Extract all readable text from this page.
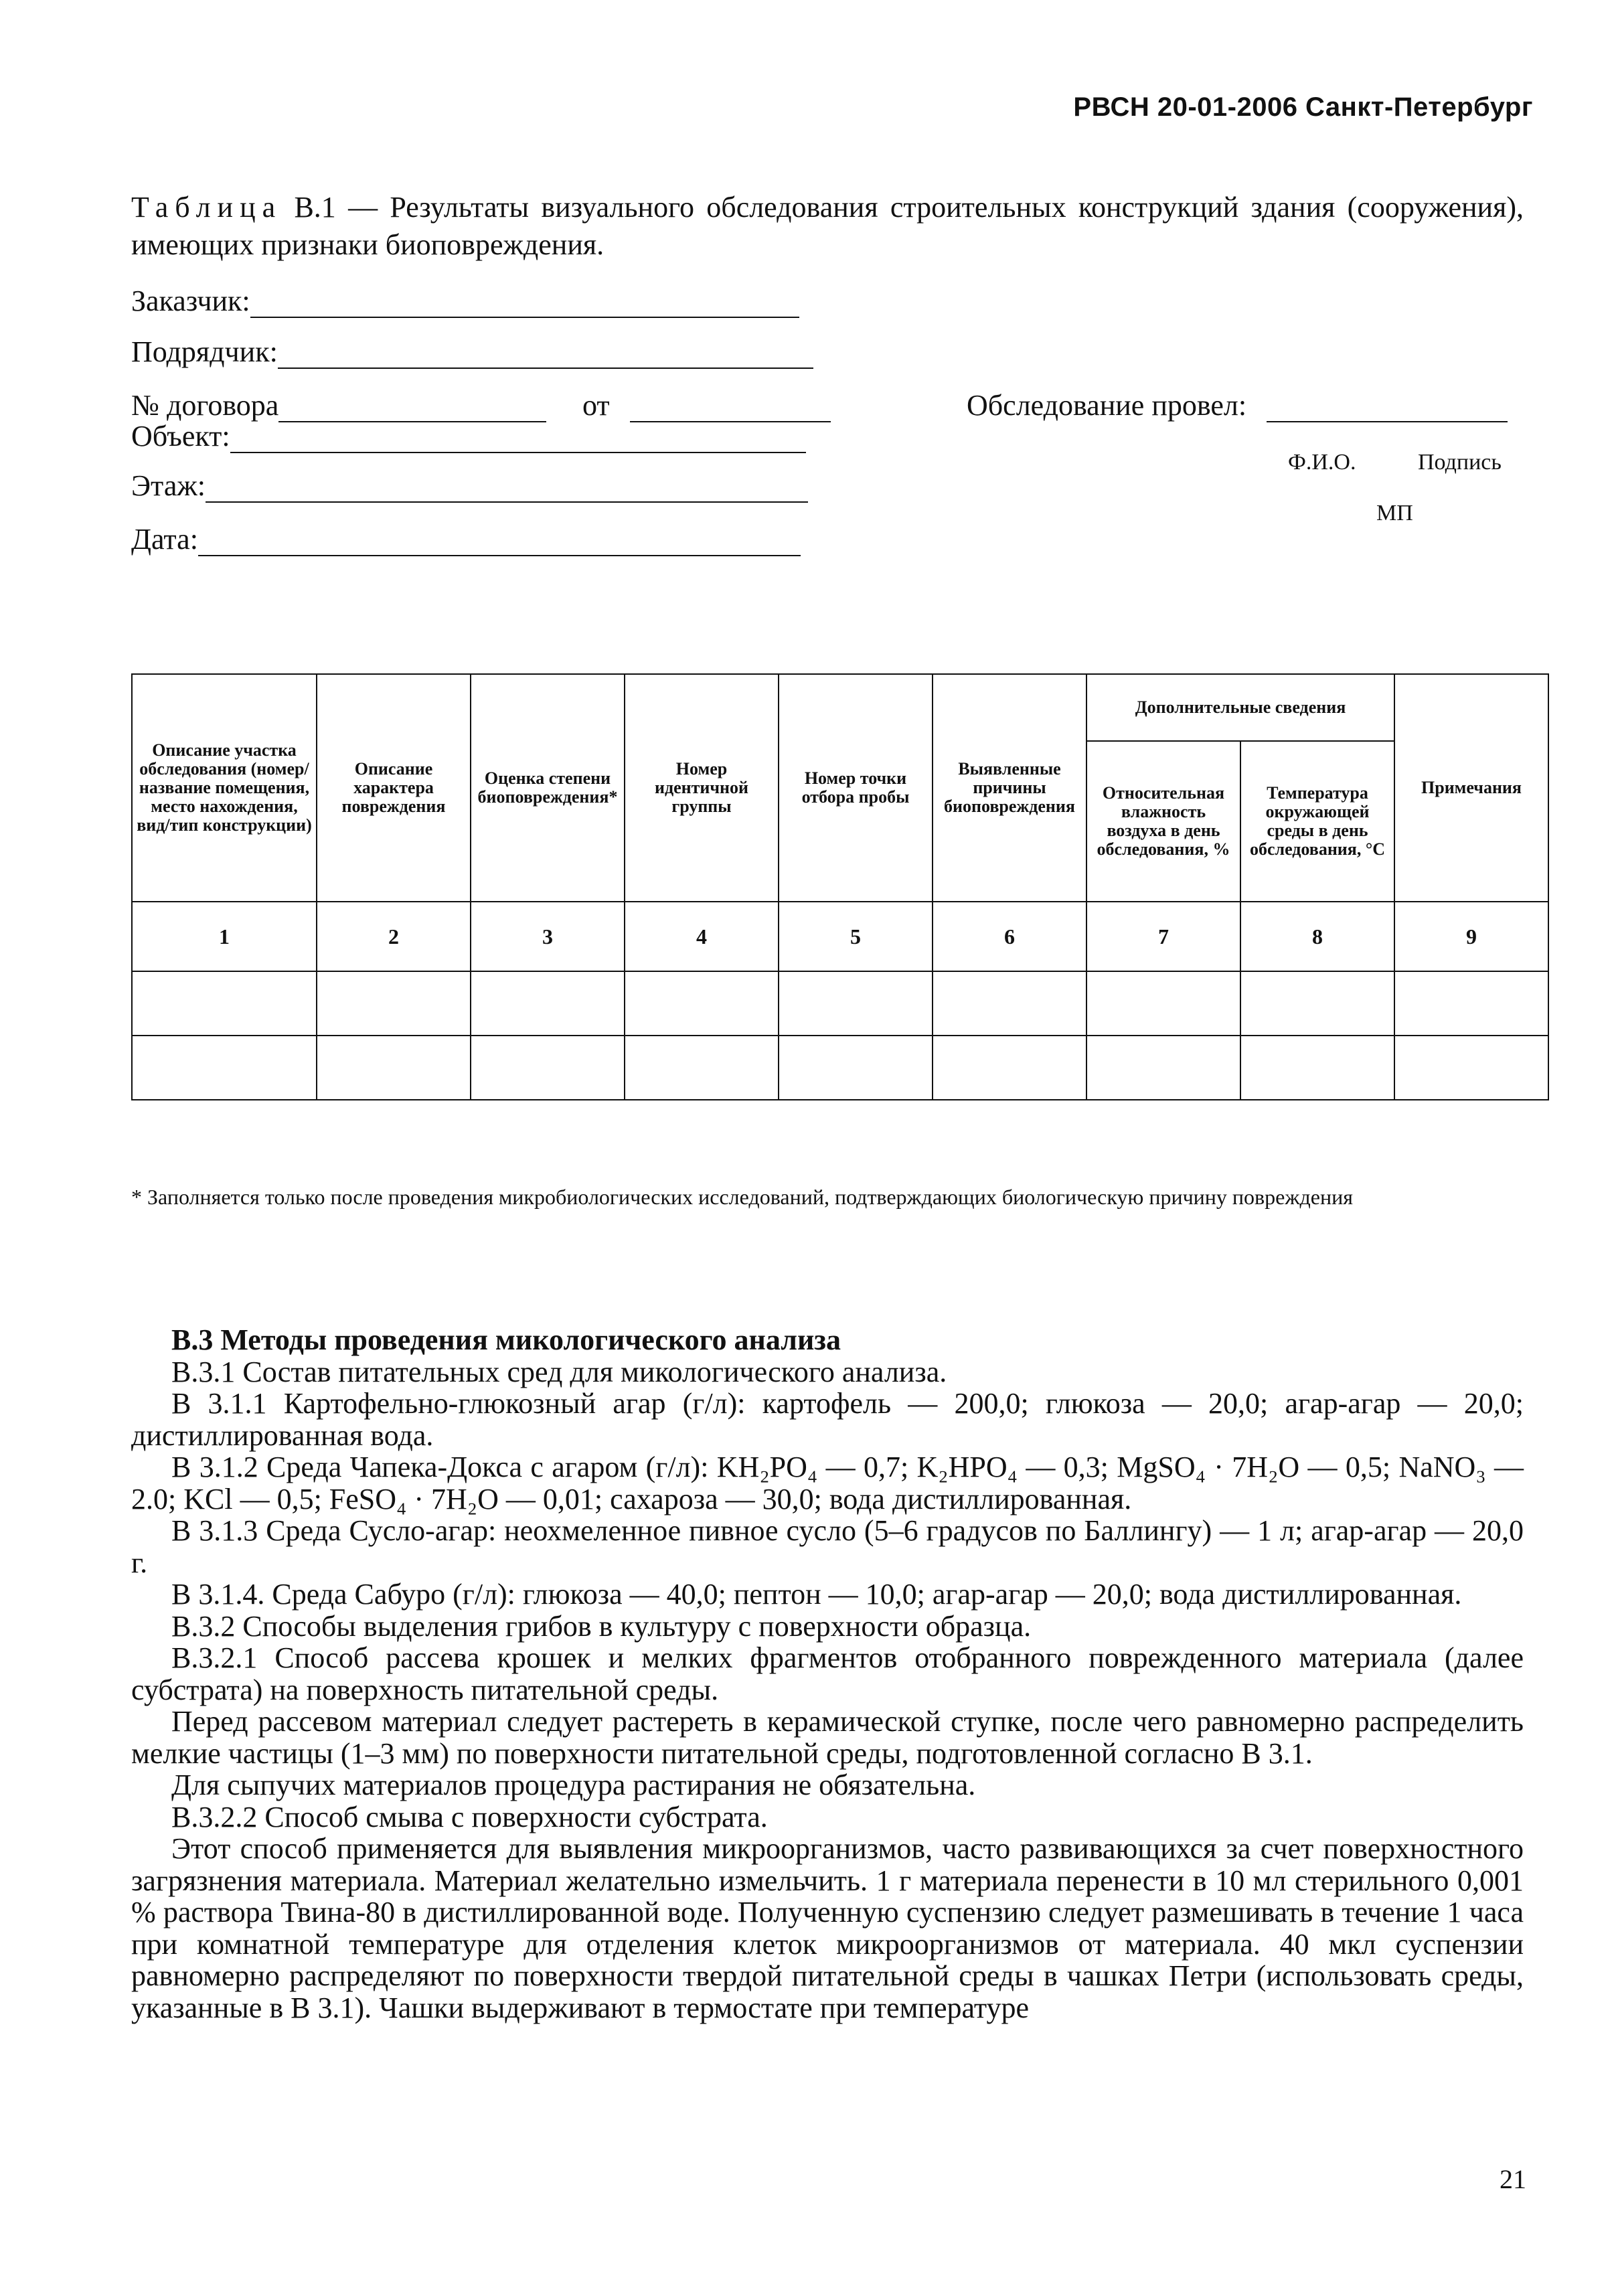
РВСН 20-01-2006 Санкт-Петербург
Таблица В.1 — Результаты визуального обследования строительных конструкций здания (сооружения), имеющих признаки биоповреждения.
Заказчик:
Подрядчик:
№ договора	от
Объект:
Этаж:
Дата:
Обследование провел:
Ф.И.О.	Подпись
МП
Описание участка обследования (номер/название помещения, место нахождения, вид/тип конструкции)	Описание характера повреждения	Оценка степени биоповреждения*	Номер идентичной группы	Номер точки отбора пробы	Выявленные причины биоповреждения	Дополнительные сведения		Примечания
						Относительная влажность воздуха в день обследования, %	Температура окружающей среды в день обследования, °С	
1	2	3	4	5	6	7	8	9

* Заполняется только после проведения микробиологических исследований, подтверждающих биологическую причину повреждения

В.3 Методы проведения микологического анализа

В.3.1 Состав питательных сред для микологического анализа.

В 3.1.1 Картофельно-глюкозный агар (г/л): картофель — 200,0; глюкоза — 20,0; агар-агар — 20,0; дистиллированная вода.

В 3.1.2 Среда Чапека-Докса с агаром (г/л): KH₂PO₄ — 0,7; K₂HPO₄ — 0,3; MgSO₄ · 7H₂O — 0,5; NaNO₃ — 2.0; KCl — 0,5; FeSO₄ · 7H₂O — 0,01; сахароза — 30,0; вода дистиллированная.

В 3.1.3 Среда Сусло-агар: неохмеленное пивное сусло (5–6 градусов по Баллингу) — 1 л; агар-агар — 20,0 г.

В 3.1.4. Среда Сабуро (г/л): глюкоза — 40,0; пептон — 10,0; агар-агар — 20,0; вода дистиллированная.

В.3.2 Способы выделения грибов в культуру с поверхности образца.

В.3.2.1 Способ рассева крошек и мелких фрагментов отобранного поврежденного материала (далее субстрата) на поверхность питательной среды.

Перед рассевом материал следует растереть в керамической ступке, после чего равномерно распределить мелкие частицы (1–3 мм) по поверхности питательной среды, подготовленной согласно В 3.1.

Для сыпучих материалов процедура растирания не обязательна.

В.3.2.2 Способ смыва с поверхности субстрата.

Этот способ применяется для выявления микроорганизмов, часто развивающихся за счет поверхностного загрязнения материала. Материал желательно измельчить. 1 г материала перенести в 10 мл стерильного 0,001 % раствора Твина-80 в дистиллированной воде. Полученную суспензию следует размешивать в течение 1 часа при комнатной температуре для отделения клеток микроорганизмов от материала. 40 мкл суспензии равномерно распределяют по поверхности твердой питательной среды в чашках Петри (использовать среды, указанные в В 3.1). Чашки выдерживают в термостате при температуре

21
